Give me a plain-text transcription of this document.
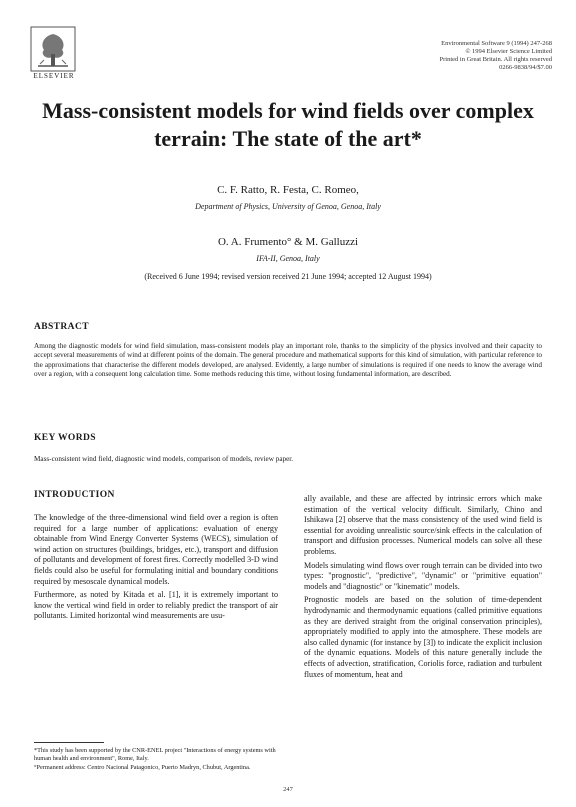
ELSEVIER
Environmental Software 9 (1994) 247-268
© 1994 Elsevier Science Limited
Printed in Great Britain. All rights reserved
0266-9838/94/$7.00
Mass-consistent models for wind fields over complex terrain: The state of the art*
C. F. Ratto, R. Festa, C. Romeo,
Department of Physics, University of Genoa, Genoa, Italy
O. A. Frumento° & M. Galluzzi
IFA-II, Genoa, Italy
(Received 6 June 1994; revised version received 21 June 1994; accepted 12 August 1994)
ABSTRACT
Among the diagnostic models for wind field simulation, mass-consistent models play an important role, thanks to the simplicity of the physics involved and their capacity to accept several measurements of wind at different points of the domain. The general procedure and mathematical supports for this kind of simulation, with particular reference to the approximations that characterise the different models developed, are analysed. Evidently, a large number of simulations is required if one needs to know the average wind over a region, with a consequent long calculation time. Some methods reducing this time, without losing fundamental information, are described.
KEY WORDS
Mass-consistent wind field, diagnostic wind models, comparison of models, review paper.
INTRODUCTION

The knowledge of the three-dimensional wind field over a region is often required for a large number of applications: evaluation of energy obtainable from Wind Energy Converter Systems (WECS), simulation of wind action on structures (buildings, bridges, etc.), transport and diffusion of pollutants and development of forest fires. Correctly modelled 3-D wind fields could also be useful for formulating initial and boundary conditions required by mesoscale dynamical models.

Furthermore, as noted by Kitada et al. [1], it is extremely important to know the vertical wind field in order to reliably predict the transport of air pollutants. Limited horizontal wind measurements are usu-

ally available, and these are affected by intrinsic errors which make estimation of the vertical velocity difficult. Similarly, Chino and Ishikawa [2] observe that the mass consistency of the used wind field is essential for avoiding unrealistic source/sink effects in the calculation of transport and diffusion processes. Numerical models can solve all these problems.

Models simulating wind flows over rough terrain can be divided into two types: "prognostic", "predictive", "dynamic" or "primitive equation" models and "diagnostic" or "kinematic" models.

Prognostic models are based on the solution of time-dependent hydrodynamic and thermodynamic equations (called primitive equations as they are derived straight from the original conservation principles), appropriately modified to apply into the atmosphere. These models are also called dynamic (for instance by [3]) to indicate the explicit inclusion of the dynamic equations. Models of this nature generally include the effects of advection, stratification, Coriolis force, radiation and turbulent fluxes of momentum, heat and

*This study has been supported by the CNR-ENEL project "Interactions of energy systems with human health and environment", Rome, Italy.

°Permanent address: Centro Nacional Patagonico, Puerto Madryn, Chubut, Argentina.

247
